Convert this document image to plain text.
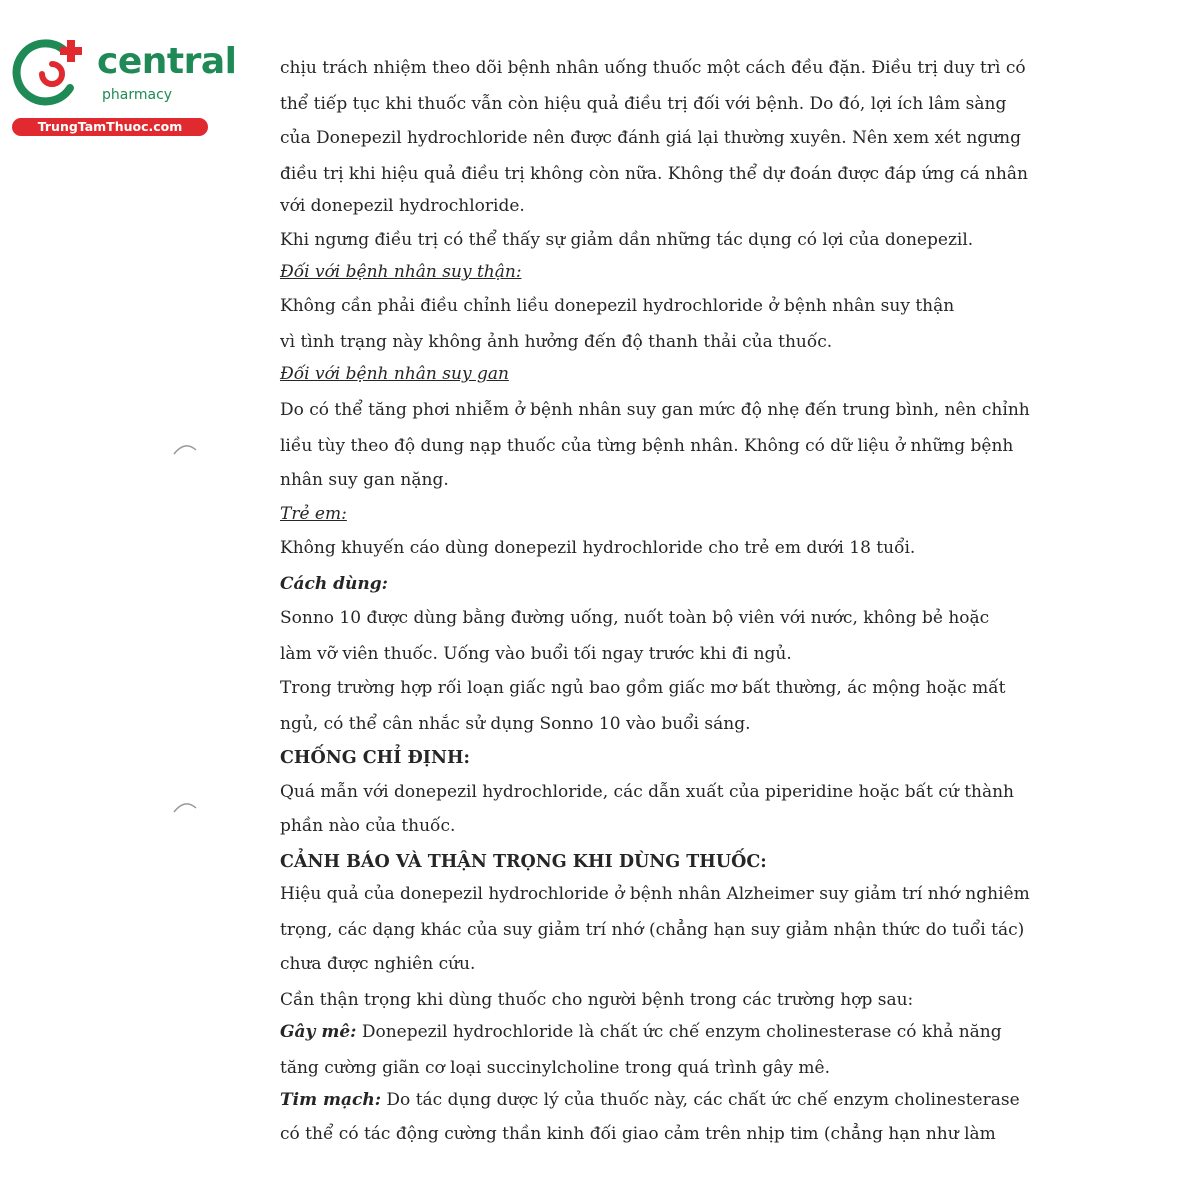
central
pharmacy
TrungTamThuoc.com
chịu trách nhiệm theo dõi bệnh nhân uống thuốc một cách đều đặn. Điều trị duy trì có
thể tiếp tục khi thuốc vẫn còn hiệu quả điều trị đối với bệnh. Do đó, lợi ích lâm sàng
của Donepezil hydrochloride nên được đánh giá lại thường xuyên. Nên xem xét ngưng
điều trị khi hiệu quả điều trị không còn nữa. Không thể dự đoán được đáp ứng cá nhân
với donepezil hydrochloride.
Khi ngưng điều trị có thể thấy sự giảm dần những tác dụng có lợi của donepezil.
Đối với bệnh nhân suy thận:
Không cần phải điều chỉnh liều donepezil hydrochloride ở bệnh nhân suy thận
vì tình trạng này không ảnh hưởng đến độ thanh thải của thuốc.
Đối với bệnh nhân suy gan
Do có thể tăng phơi nhiễm ở bệnh nhân suy gan mức độ nhẹ đến trung bình, nên chỉnh
liều tùy theo độ dung nạp thuốc của từng bệnh nhân. Không có dữ liệu ở những bệnh
nhân suy gan nặng.
Trẻ em:
Không khuyến cáo dùng donepezil hydrochloride cho trẻ em dưới 18 tuổi.
Cách dùng:
Sonno 10 được dùng bằng đường uống, nuốt toàn bộ viên với nước, không bẻ hoặc
làm vỡ viên thuốc. Uống vào buổi tối ngay trước khi đi ngủ.
Trong trường hợp rối loạn giấc ngủ bao gồm giấc mơ bất thường, ác mộng hoặc mất
ngủ, có thể cân nhắc sử dụng Sonno 10 vào buổi sáng.
CHỐNG CHỈ ĐỊNH:
Quá mẫn với donepezil hydrochloride, các dẫn xuất của piperidine hoặc bất cứ thành
phần nào của thuốc.
CẢNH BÁO VÀ THẬN TRỌNG KHI DÙNG THUỐC:
Hiệu quả của donepezil hydrochloride ở bệnh nhân Alzheimer suy giảm trí nhớ nghiêm
trọng, các dạng khác của suy giảm trí nhớ (chẳng hạn suy giảm nhận thức do tuổi tác)
chưa được nghiên cứu.
Cần thận trọng khi dùng thuốc cho người bệnh trong các trường hợp sau:
Gây mê: Donepezil hydrochloride là chất ức chế enzym cholinesterase có khả năng
tăng cường giãn cơ loại succinylcholine trong quá trình gây mê.
Tim mạch: Do tác dụng dược lý của thuốc này, các chất ức chế enzym cholinesterase
có thể có tác động cường thần kinh đối giao cảm trên nhịp tim (chẳng hạn như làm
